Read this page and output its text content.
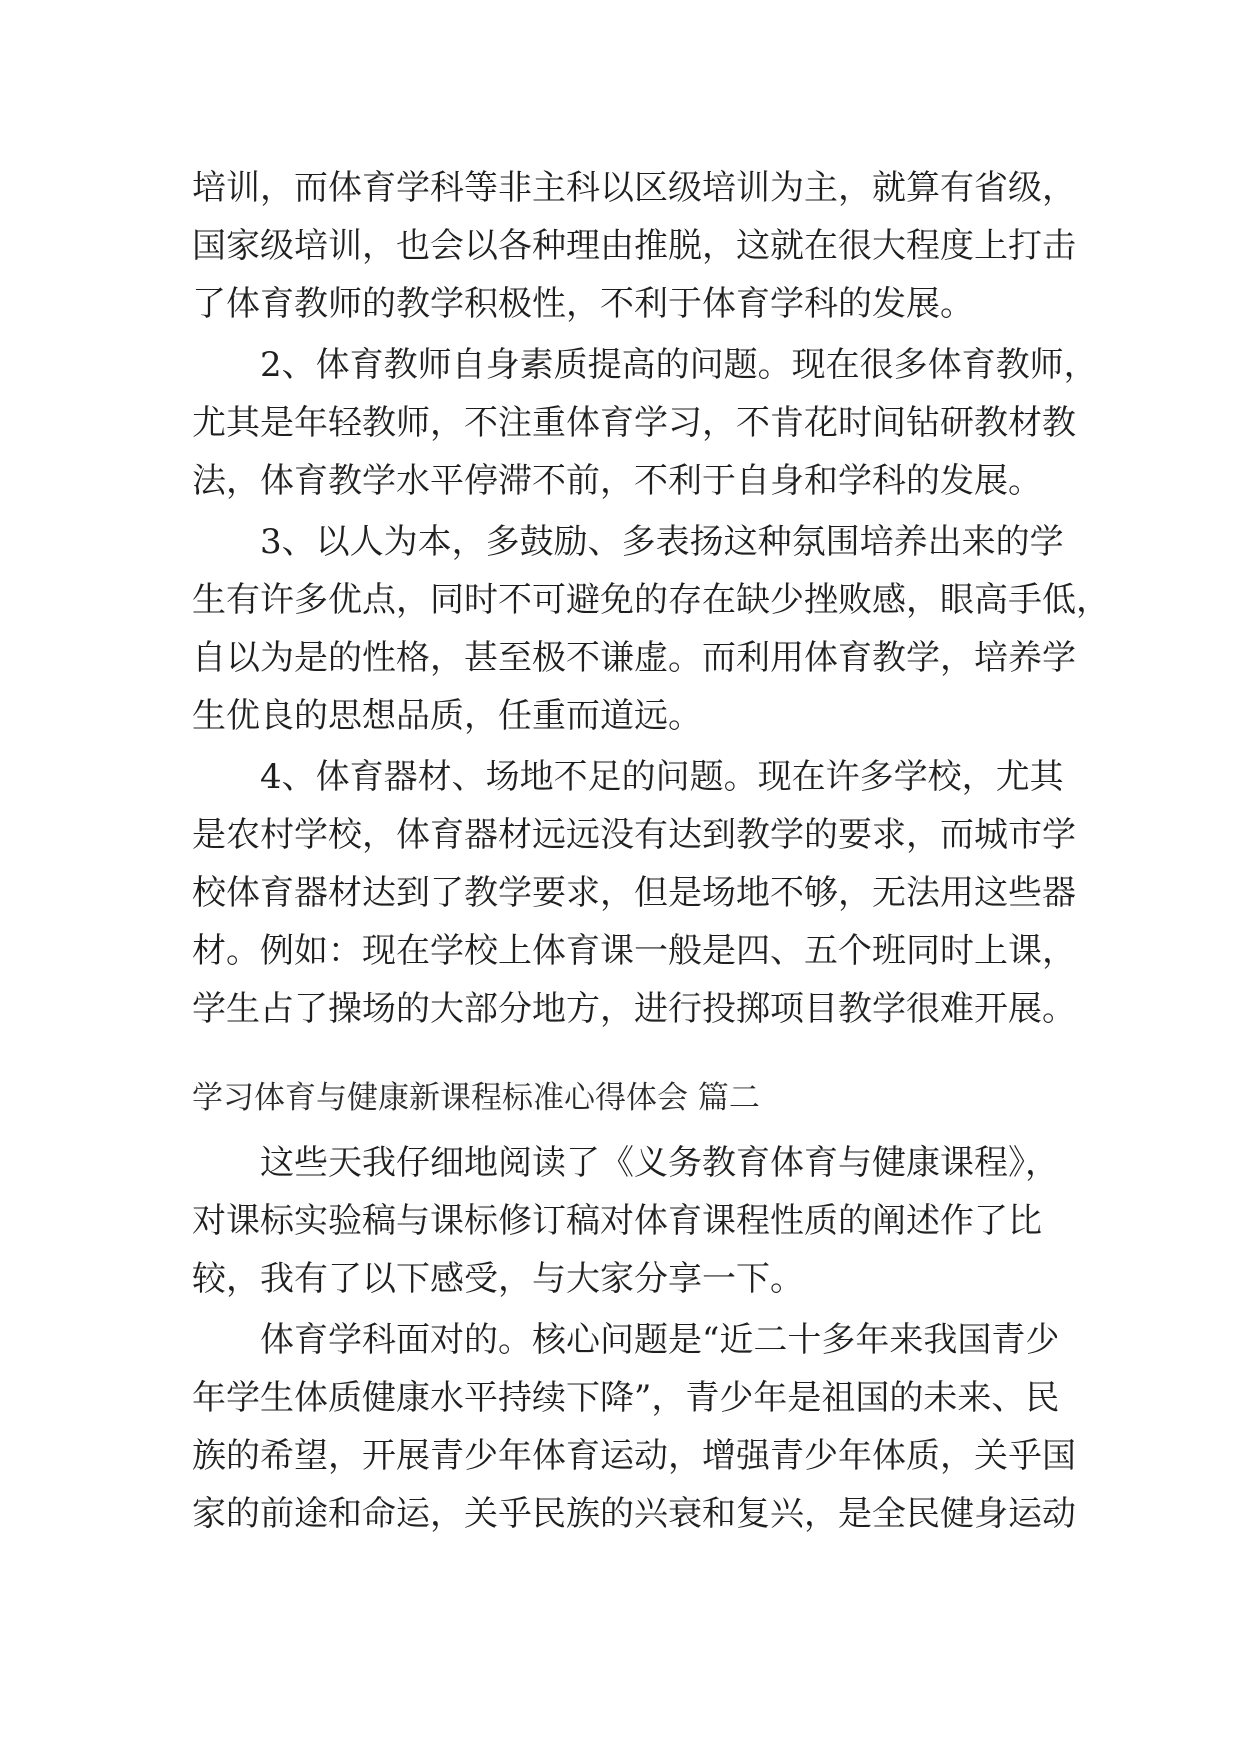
培训，而体育学科等非主科以区级培训为主，就算有省级，

国家级培训，也会以各种理由推脱，这就在很大程度上打击

了体育教师的教学积极性，不利于体育学科的发展。

2、体育教师自身素质提高的问题。现在很多体育教师，

尤其是年轻教师，不注重体育学习，不肯花时间钻研教材教

法，体育教学水平停滞不前，不利于自身和学科的发展。

3、以人为本，多鼓励、多表扬这种氛围培养出来的学

生有许多优点，同时不可避免的存在缺少挫败感，眼高手低，

自以为是的性格，甚至极不谦虚。而利用体育教学，培养学

生优良的思想品质，任重而道远。

4、体育器材、场地不足的问题。现在许多学校，尤其

是农村学校，体育器材远远没有达到教学的要求，而城市学

校体育器材达到了教学要求，但是场地不够，无法用这些器

材。例如：现在学校上体育课一般是四、五个班同时上课，

学生占了操场的大部分地方，进行投掷项目教学很难开展。

学习体育与健康新课程标准心得体会 篇二

这些天我仔细地阅读了《义务教育体育与健康课程》，

对课标实验稿与课标修订稿对体育课程性质的阐述作了比

较，我有了以下感受，与大家分享一下。

体育学科面对的。核心问题是“近二十多年来我国青少

年学生体质健康水平持续下降”，青少年是祖国的未来、民

族的希望，开展青少年体育运动，增强青少年体质，关乎国

家的前途和命运，关乎民族的兴衰和复兴，是全民健身运动
